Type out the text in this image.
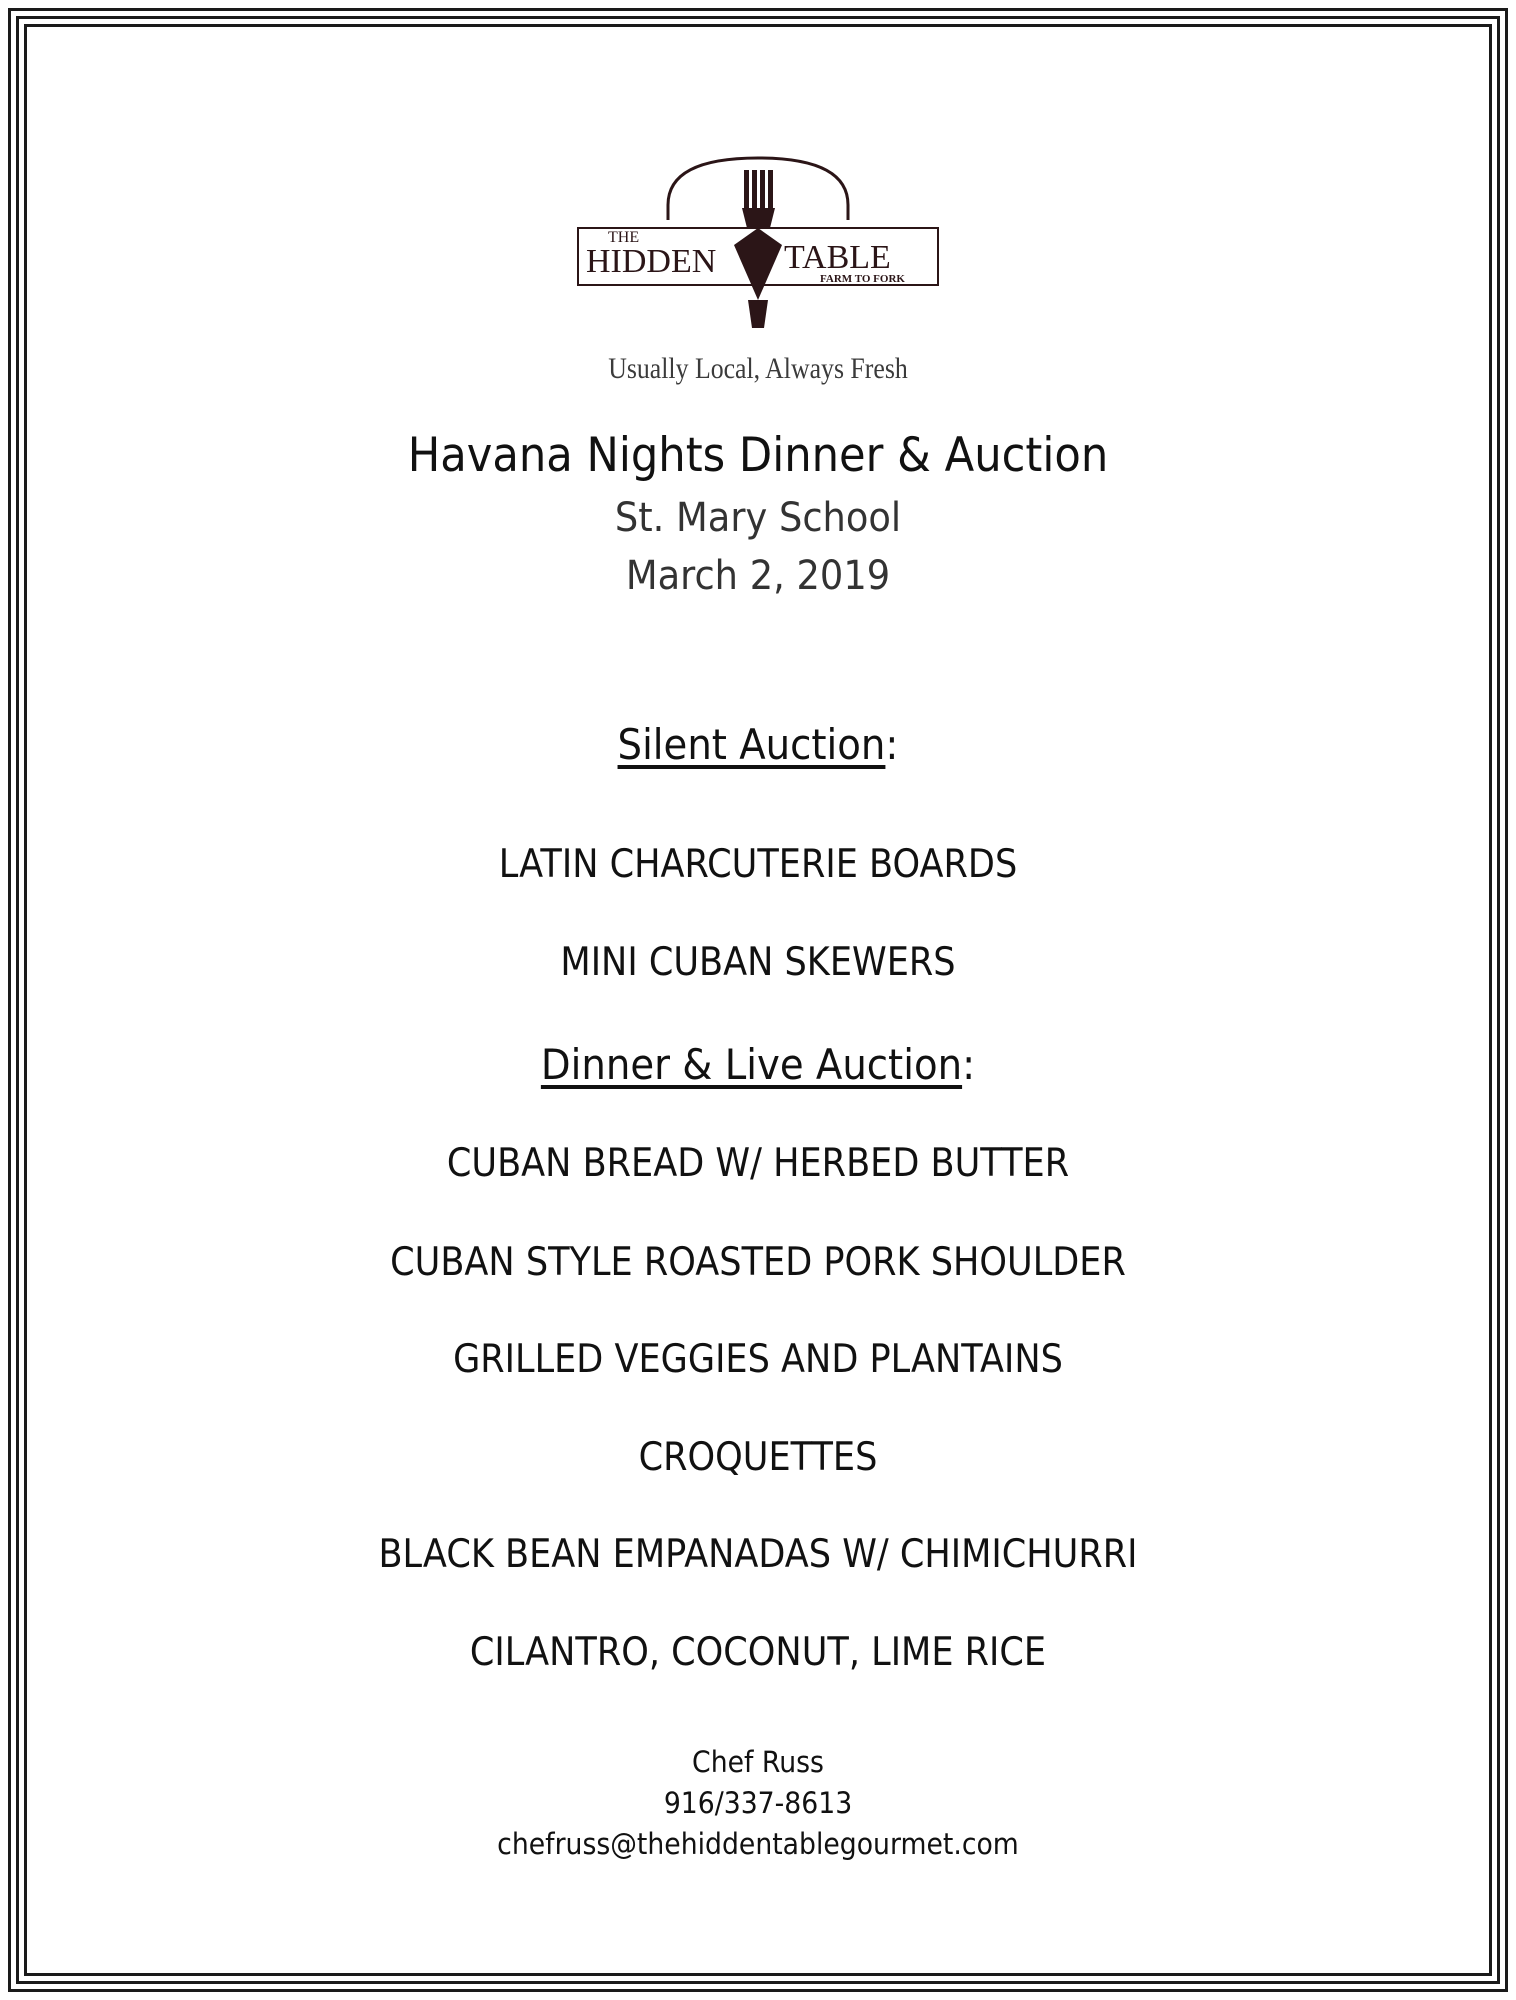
THE
HIDDEN TABLE
FARM TO FORK
Usually Local, Always Fresh
Havana Nights Dinner & Auction
St. Mary School
March 2, 2019
Silent Auction:
LATIN CHARCUTERIE BOARDS
MINI CUBAN SKEWERS
Dinner & Live Auction:
CUBAN BREAD W/ HERBED BUTTER
CUBAN STYLE ROASTED PORK SHOULDER
GRILLED VEGGIES AND PLANTAINS
CROQUETTES
BLACK BEAN EMPANADAS W/ CHIMICHURRI
CILANTRO, COCONUT, LIME RICE
Chef Russ
916/337-8613
chefruss@thehiddentablegourmet.com
